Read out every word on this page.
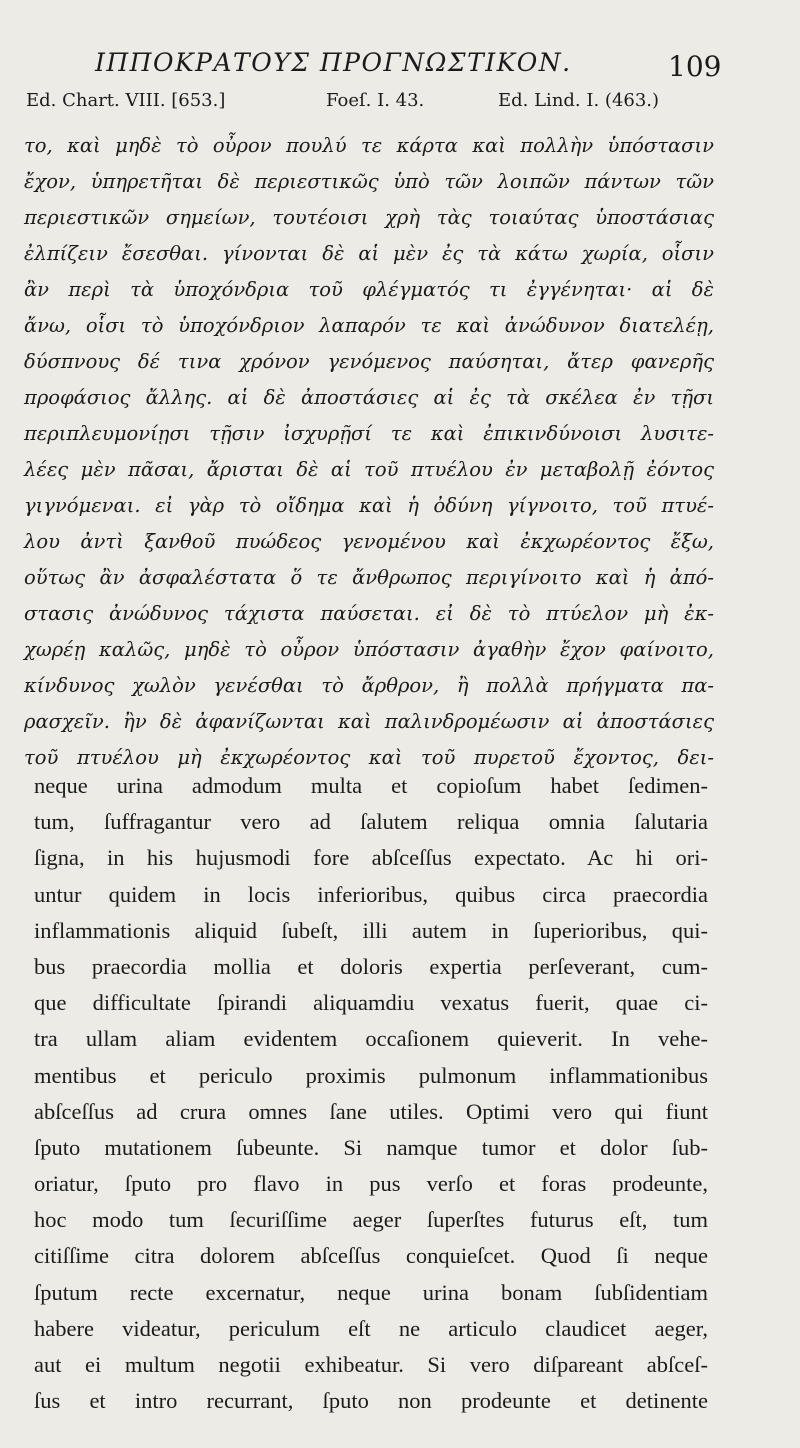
ΙΠΠΟΚΡΑΤΟΥΣ ΠΡΟΓΝΩΣΤΙΚΟΝ.	109
Ed. Chart. VIII. [653.]	Foeſ. I. 43.	Ed. Lind. I. (463.)
το, καὶ μηδὲ τὸ οὖρον πουλύ τε κάρτα καὶ πολλὴν ὑπόστασιν
ἔχον, ὑπηρετῆται δὲ περιεστικῶς ὑπὸ τῶν λοιπῶν πάντων τῶν
περιεστικῶν σημείων, τουτέοισι χρὴ τὰς τοιαύτας ὑποστάσιας
ἐλπίζειν ἔσεσθαι. γίνονται δὲ αἱ μὲν ἐς τὰ κάτω χωρία, οἷσιν
ἂν περὶ τὰ ὑποχόνδρια τοῦ φλέγματός τι ἐγγένηται· αἱ δὲ
ἄνω, οἷσι τὸ ὑποχόνδριον λαπαρόν τε καὶ ἀνώδυνον διατελέῃ,
δύσπνους δέ τινα χρόνον γενόμενος παύσηται, ἄτερ φανερῆς
προφάσιος ἄλλης. αἱ δὲ ἀποστάσιες αἱ ἐς τὰ σκέλεα ἐν τῇσι
περιπλευμονίῃσι τῇσιν ἰσχυρῇσί τε καὶ ἐπικινδύνοισι λυσιτε-
λέες μὲν πᾶσαι, ἄρισται δὲ αἱ τοῦ πτυέλου ἐν μεταβολῇ ἐόντος
γιγνόμεναι. εἰ γὰρ τὸ οἴδημα καὶ ἡ ὀδύνη γίγνοιτο, τοῦ πτυέ-
λου ἀντὶ ξανθοῦ πυώδεος γενομένου καὶ ἐκχωρέοντος ἔξω,
οὕτως ἂν ἀσφαλέστατα ὅ τε ἄνθρωπος περιγίνοιτο καὶ ἡ ἀπό-
στασις ἀνώδυνος τάχιστα παύσεται. εἰ δὲ τὸ πτύελον μὴ ἐκ-
χωρέῃ καλῶς, μηδὲ τὸ οὖρον ὑπόστασιν ἀγαθὴν ἔχον φαίνοιτο,
κίνδυνος χωλὸν γενέσθαι τὸ ἄρθρον, ἢ πολλὰ πρήγματα πα-
ρασχεῖν. ἢν δὲ ἀφανίζωνται καὶ παλινδρομέωσιν αἱ ἀποστάσιες
τοῦ πτυέλου μὴ ἐκχωρέοντος καὶ τοῦ πυρετοῦ ἔχοντος, δει-
neque urina admodum multa et copioſum habet ſedimen-
tum, ſuffragantur vero ad ſalutem reliqua omnia ſalutaria
ſigna, in his hujusmodi fore abſceſſus expectato. Ac hi ori-
untur quidem in locis inferioribus, quibus circa praecordia
inflammationis aliquid ſubeſt, illi autem in ſuperioribus, qui-
bus praecordia mollia et doloris expertia perſeverant, cum-
que difficultate ſpirandi aliquamdiu vexatus fuerit, quae ci-
tra ullam aliam evidentem occaſionem quieverit. In vehe-
mentibus et periculo proximis pulmonum inflammationibus
abſceſſus ad crura omnes ſane utiles. Optimi vero qui fiunt
ſputo mutationem ſubeunte. Si namque tumor et dolor ſub-
oriatur, ſputo pro flavo in pus verſo et foras prodeunte,
hoc modo tum ſecuriſſime aeger ſuperſtes futurus eſt, tum
citiſſime citra dolorem abſceſſus conquieſcet. Quod ſi neque
ſputum recte excernatur, neque urina bonam ſubſidentiam
habere videatur, periculum eſt ne articulo claudicet aeger,
aut ei multum negotii exhibeatur. Si vero diſpareant abſceſ-
ſus et intro recurrant, ſputo non prodeunte et detinente
